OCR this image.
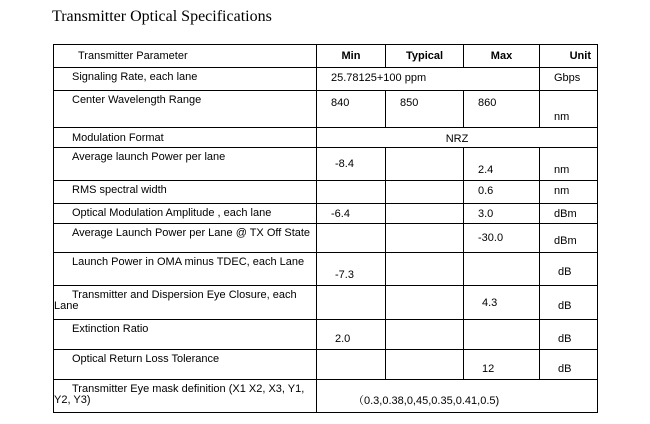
Transmitter Optical Specifications
Transmitter Parameter	Min	Typical	Max	Unit
Signaling Rate, each lane	25.78125+100 ppm			Gbps
Center Wavelength Range	840	850	860	nm
Modulation Format	NRZ			
Average launch Power per lane	-8.4		2.4	nm
RMS spectral width			0.6	nm
Optical Modulation Amplitude , each lane	-6.4		3.0	dBm
Average Launch Power per Lane @ TX Off State			-30.0	dBm
Launch Power in OMA minus TDEC, each Lane	-7.3			dB
Transmitter and Dispersion Eye Closure, each Lane			4.3	dB
Extinction Ratio	2.0			dB
Optical Return Loss Tolerance			12	dB
Transmitter Eye mask definition (X1 X2, X3, Y1, Y2, Y3)	（0.3,0.38,0,45,0.35,0.41,0.5)			
